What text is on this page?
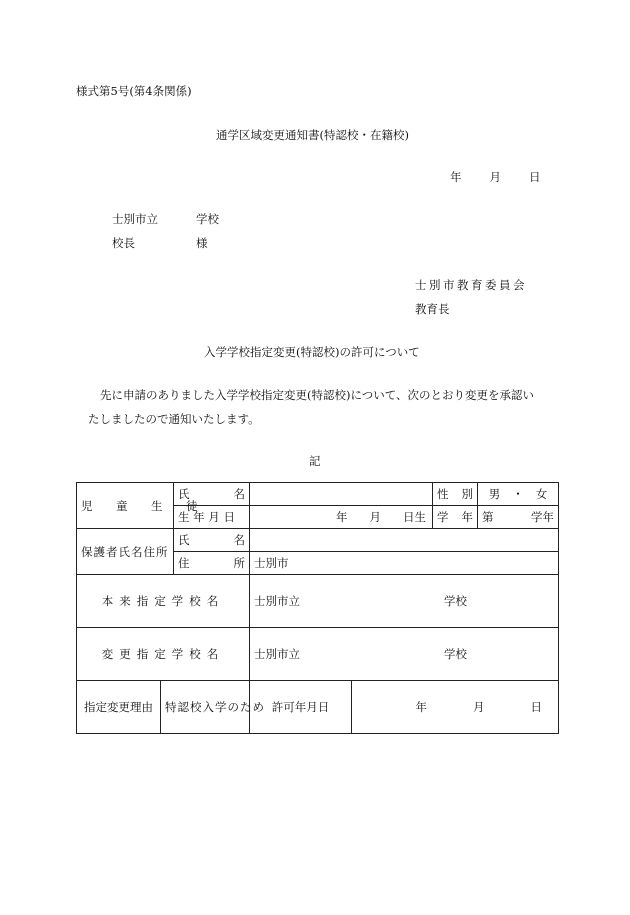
様式第5号(第4条関係)
通学区域変更通知書(特認校・在籍校)
年 月 日
士別市立	学校
校長	様
士別市教育委員会
教育長
入学学校指定変更(特認校)の許可について
先に申請のありました入学学校指定変更(特認校)について、次のとおり変更を承認い
たしましたので通知いたします。
記
児　童　生　徒		氏 名			性 別	男 ・ 女

		生 年 月 日	年 月 日生		学 年	第 学年

保護者氏名住所		氏 名				

		住 所	士別市			
本来指定学校名			士別市立 学校			

変更指定学校名			士別市立 学校			

指定変更理由	特認校入学のため		許可年月日	年 月 日		
